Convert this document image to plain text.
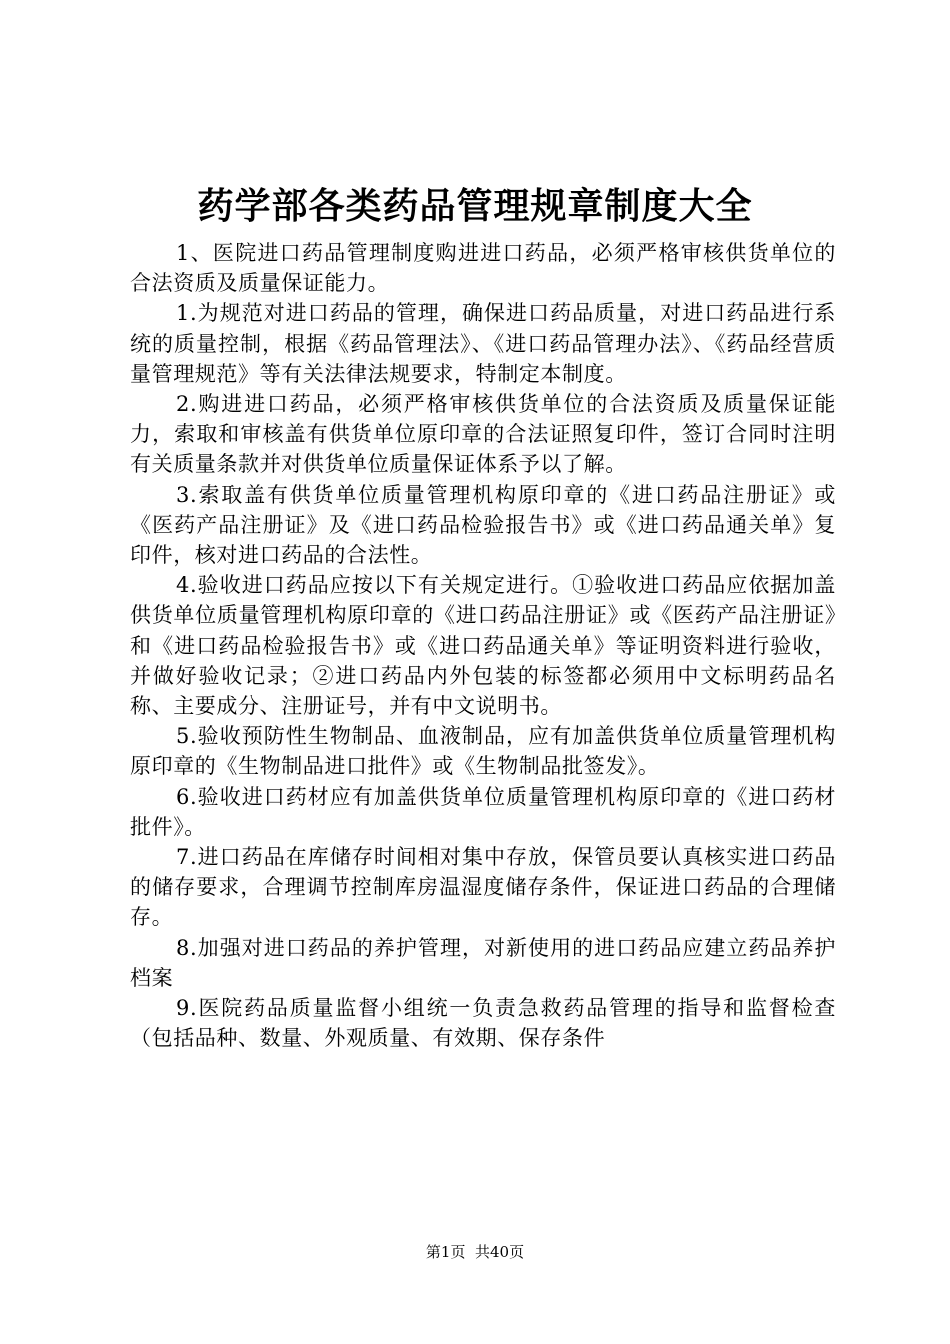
药学部各类药品管理规章制度大全

1、医院进口药品管理制度购进进口药品，必须严格审核供货单位的合法资质及质量保证能力。

1.为规范对进口药品的管理，确保进口药品质量，对进口药品进行系统的质量控制，根据《药品管理法》、《进口药品管理办法》、《药品经营质量管理规范》等有关法律法规要求，特制定本制度。

2.购进进口药品，必须严格审核供货单位的合法资质及质量保证能力，索取和审核盖有供货单位原印章的合法证照复印件，签订合同时注明有关质量条款并对供货单位质量保证体系予以了解。

3.索取盖有供货单位质量管理机构原印章的《进口药品注册证》或《医药产品注册证》及《进口药品检验报告书》或《进口药品通关单》复印件，核对进口药品的合法性。

4.验收进口药品应按以下有关规定进行。①验收进口药品应依据加盖供货单位质量管理机构原印章的《进口药品注册证》或《医药产品注册证》和《进口药品检验报告书》或《进口药品通关单》等证明资料进行验收，并做好验收记录；②进口药品内外包装的标签都必须用中文标明药品名称、主要成分、注册证号，并有中文说明书。

5.验收预防性生物制品、血液制品，应有加盖供货单位质量管理机构原印章的《生物制品进口批件》或《生物制品批签发》。

6.验收进口药材应有加盖供货单位质量管理机构原印章的《进口药材批件》。

7.进口药品在库储存时间相对集中存放，保管员要认真核实进口药品的储存要求，合理调节控制库房温湿度储存条件，保证进口药品的合理储存。

8.加强对进口药品的养护管理，对新使用的进口药品应建立药品养护档案

9.医院药品质量监督小组统一负责急救药品管理的指导和监督检查（包括品种、数量、外观质量、有效期、保存条件

第1页 共40页
